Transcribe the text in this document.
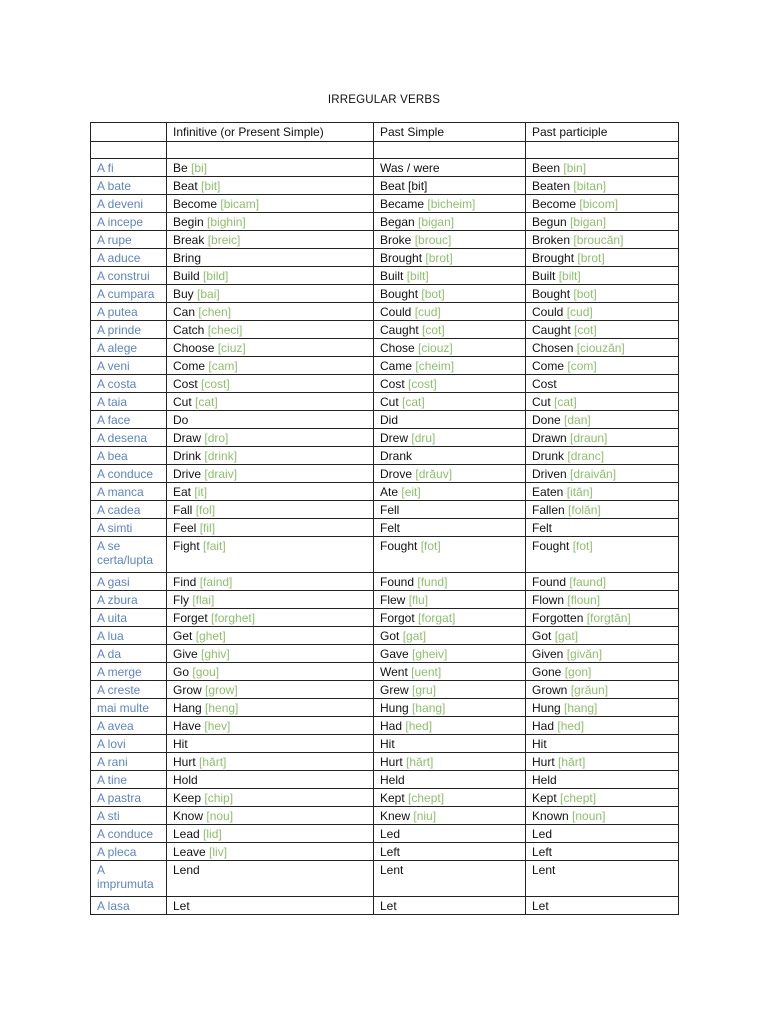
IRREGULAR VERBS
	Infinitive (or Present Simple)	Past Simple	Past participle

A fi	Be [bi]	Was / were	Been [bin]
A bate	Beat [bit]	Beat [bit]	Beaten [bitan]
A deveni	Become [bicam]	Became [bicheim]	Become [bicom]
A incepe	Begin [bighin]	Began [bigan]	Begun [bigan]
A rupe	Break [breic]	Broke [brouc]	Broken [broucăn]
A aduce	Bring	Brought [brot]	Brought [brot]
A construi	Build [bild]	Built [bilt]	Built [bilt]
A cumpara	Buy [bai]	Bought [bot]	Bought [bot]
A putea	Can [chen]	Could [cud]	Could [cud]
A prinde	Catch [checi]	Caught [cot]	Caught [cot]
A alege	Choose [ciuz]	Chose [ciouz]	Chosen [ciouzăn]
A veni	Come [cam]	Came [cheim]	Come [com]
A costa	Cost [cost]	Cost [cost]	Cost
A taia	Cut [cat]	Cut [cat]	Cut [cat]
A face	Do	Did	Done [dan]
A desena	Draw [dro]	Drew [dru]	Drawn [draun]
A bea	Drink [drink]	Drank	Drunk [dranc]
A conduce	Drive [draiv]	Drove [drăuv]	Driven [draivăn]
A manca	Eat [it]	Ate [eit]	Eaten [ităn]
A cadea	Fall [fol]	Fell	Fallen [folăn]
A simti	Feel [fil]	Felt	Felt
A se certa/lupta	Fight [fait]	Fought [fot]	Fought [fot]
A gasi	Find [faind]	Found [fund]	Found [faund]
A zbura	Fly [flai]	Flew [flu]	Flown [floun]
A uita	Forget [forghet]	Forgot [forgat]	Forgotten [forgtăn]
A lua	Get [ghet]	Got [gat]	Got [gat]
A da	Give [ghiv]	Gave [gheiv]	Given [givăn]
A merge	Go [gou]	Went [uent]	Gone [gon]
A creste	Grow [grow]	Grew [gru]	Grown [grăun]
mai multe	Hang [heng]	Hung [hang]	Hung [hang]
A avea	Have [hev]	Had [hed]	Had [hed]
A lovi	Hit	Hit	Hit
A rani	Hurt [hărt]	Hurt [hărt]	Hurt [hărt]
A tine	Hold	Held	Held
A pastra	Keep [chip]	Kept [chept]	Kept [chept]
A sti	Know [nou]	Knew [niu]	Known [noun]
A conduce	Lead [lid]	Led	Led
A pleca	Leave [liv]	Left	Left
A imprumuta	Lend	Lent	Lent
A lasa	Let	Let	Let
